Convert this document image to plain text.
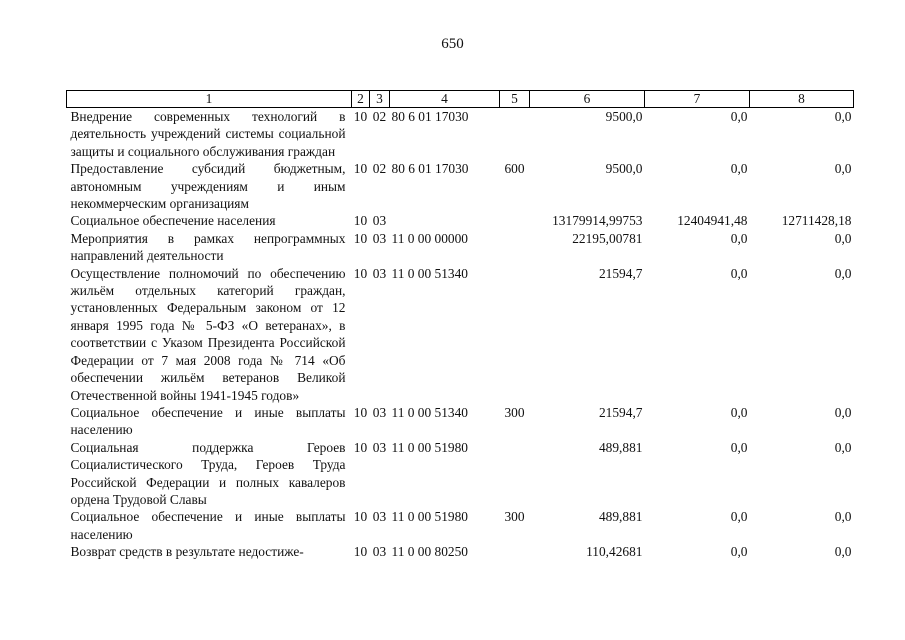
650
1	2	3	4	5	6	7	8
Внедрение современных технологий в деятельность учреждений системы социальной защиты и социального обслуживания граждан	10	02	80 6 01 17030		9500,0	0,0	0,0
Предоставление субсидий бюджетным, автономным учреждениям и иным некоммерческим организациям	10	02	80 6 01 17030	600	9500,0	0,0	0,0
Социальное обеспечение населения	10	03			13179914,99753	12404941,48	12711428,18
Мероприятия в рамках непрограммных направлений деятельности	10	03	11 0 00 00000		22195,00781	0,0	0,0
Осуществление полномочий по обеспечению жильём отдельных категорий граждан, установленных Федеральным законом от 12 января 1995 года № 5-ФЗ «О ветеранах», в соответствии с Указом Президента Российской Федерации от 7 мая 2008 года № 714 «Об обеспечении жильём ветеранов Великой Отечественной войны 1941-1945 годов»	10	03	11 0 00 51340		21594,7	0,0	0,0
Социальное обеспечение и иные выплаты населению	10	03	11 0 00 51340	300	21594,7	0,0	0,0
Социальная поддержка Героев Социалистического Труда, Героев Труда Российской Федерации и полных кавалеров ордена Трудовой Славы	10	03	11 0 00 51980		489,881	0,0	0,0
Социальное обеспечение и иные выплаты населению	10	03	11 0 00 51980	300	489,881	0,0	0,0
Возврат средств в результате недостиже-	10	03	11 0 00 80250		110,42681	0,0	0,0
